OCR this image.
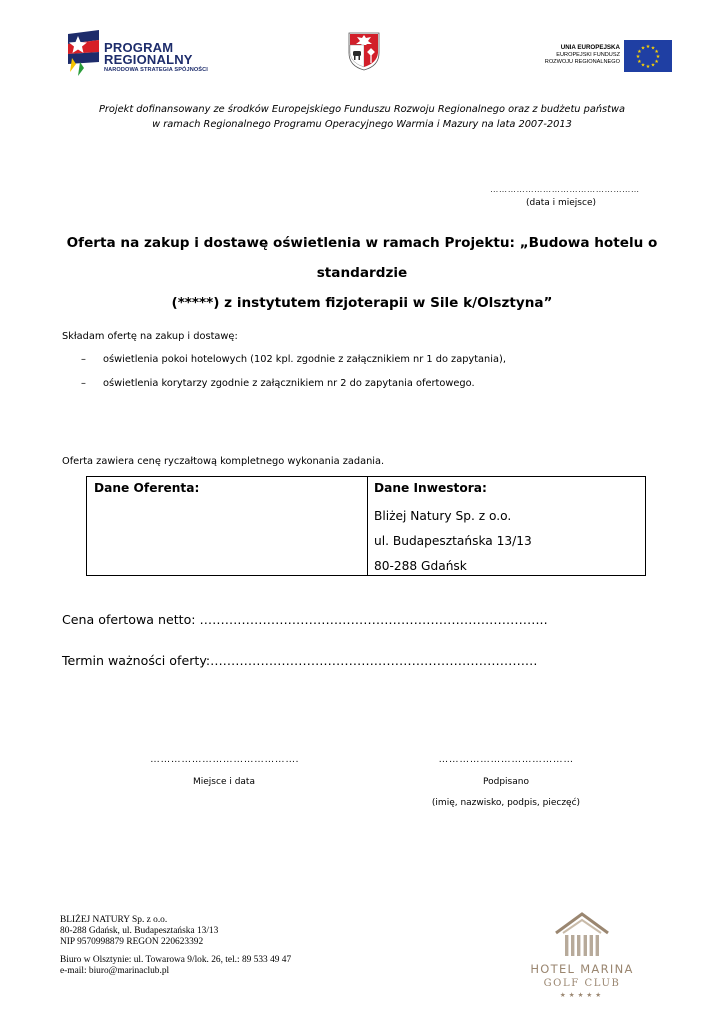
PROGRAM
REGIONALNY
NARODOWA STRATEGIA SPÓJNOŚCI
UNIA EUROPEJSKA
EUROPEJSKI FUNDUSZ
ROZWOJU REGIONALNEGO
★ ★
★
★
★
★
★
★
★
★
★
★
Projekt dofinansowany ze środków Europejskiego Funduszu Rozwoju Regionalnego oraz z budżetu państwa
w ramach Regionalnego Programu Operacyjnego Warmia i Mazury na lata 2007-2013
……………………………………………
(data i miejsce)
Oferta na zakup i dostawę oświetlenia w ramach Projektu: „Budowa hotelu o standardzie
(*****) z instytutem fizjoterapii w Sile k/Olsztyna”
Składam ofertę na zakup i dostawę:
– oświetlenia pokoi hotelowych (102 kpl. zgodnie z załącznikiem nr 1 do zapytania),
– oświetlenia korytarzy zgodnie z załącznikiem nr 2 do zapytania ofertowego.
Oferta zawiera cenę ryczałtową kompletnego wykonania zadania.
Dane Oferenta:	Dane Inwestora:
Bliżej Natury Sp. z o.o.
ul. Budapesztańska 13/13
80-288 Gdańsk
Cena ofertowa netto: ………………………………………………………………………..
Termin ważności oferty:……………………………………………………………………
…………………………………….	…………………………………
Miejsce i data	Podpisano
(imię, nazwisko, podpis, pieczęć)
BLIŻEJ NATURY Sp. z o.o.
80-288 Gdańsk, ul. Budapesztańska 13/13
NIP 9570998879 REGON 220623392
Biuro w Olsztynie: ul. Towarowa 9/lok. 26, tel.: 89 533 49 47
e-mail: biuro@marinaclub.pl	HOTEL MARINA
GOLF CLUB
★★★★★
